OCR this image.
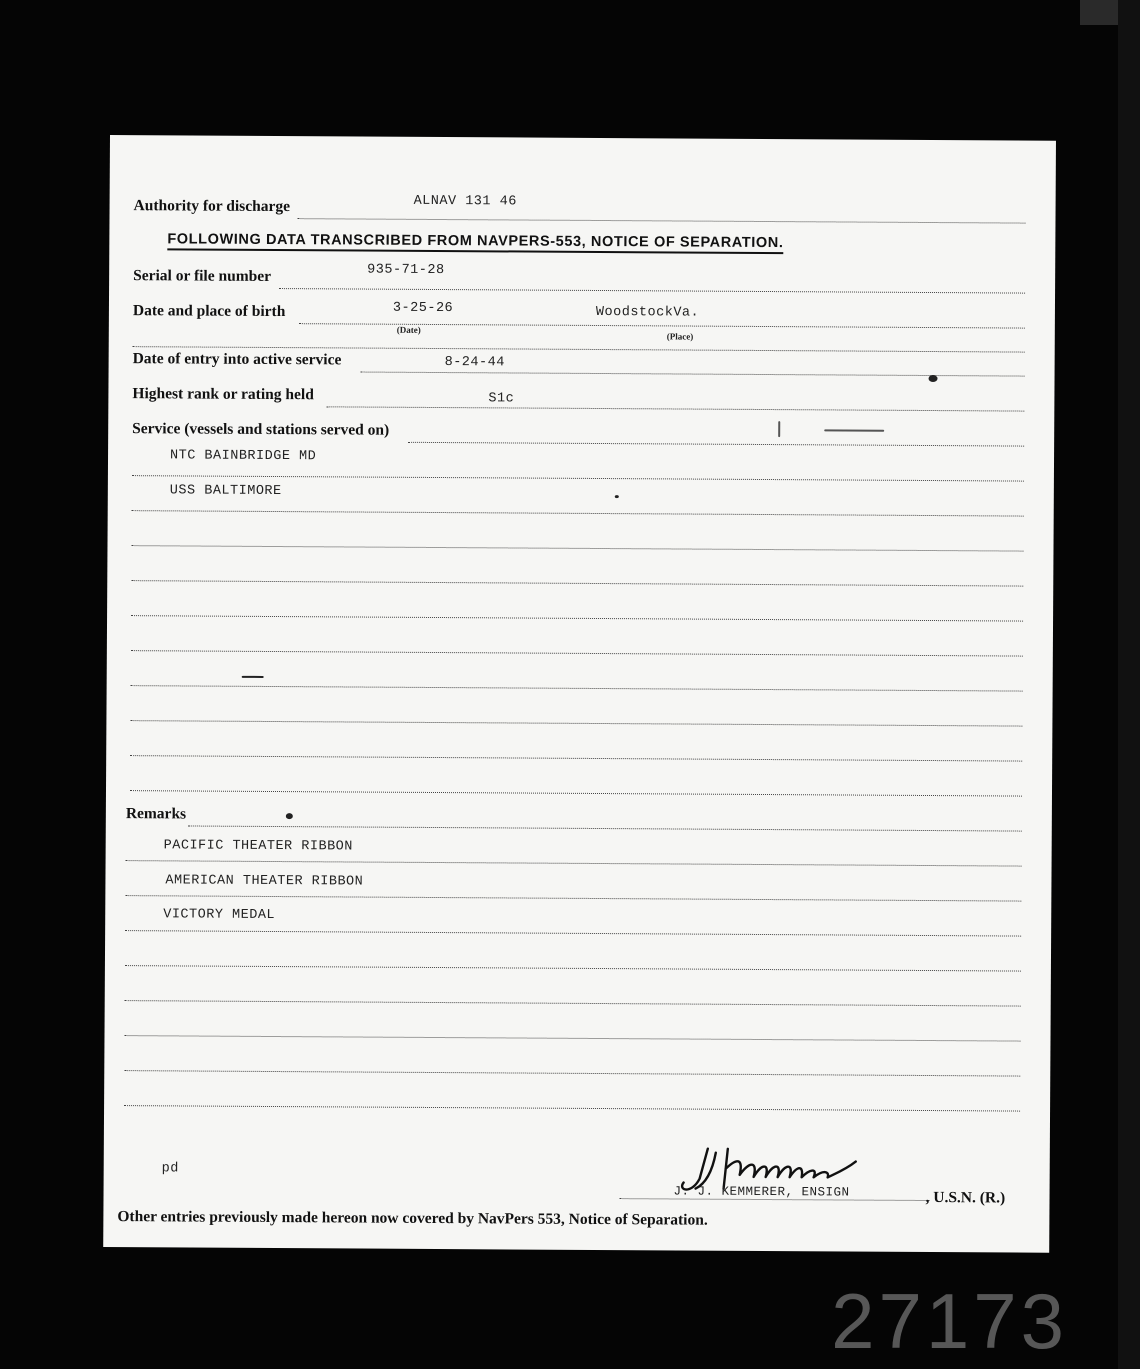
Authority for discharge	ALNAV 131 46
FOLLOWING DATA TRANSCRIBED FROM NAVPERS-553, NOTICE OF SEPARATION.
Serial or file number	935-71-28
Date and place of birth	3-25-26
(Date)
WoodstockVa.
(Place)
Date of entry into active service	8-24-44
Highest rank or rating held	S1c
Service (vessels and stations served on)
NTC BAINBRIDGE MD
USS BALTIMORE
Remarks
PACIFIC THEATER RIBBON
AMERICAN THEATER RIBBON
VICTORY MEDAL
pd
J. J. KEMMERER, ENSIGN	, U.S.N. (R.)
Other entries previously made hereon now covered by NavPers 553, Notice of Separation.
27173
